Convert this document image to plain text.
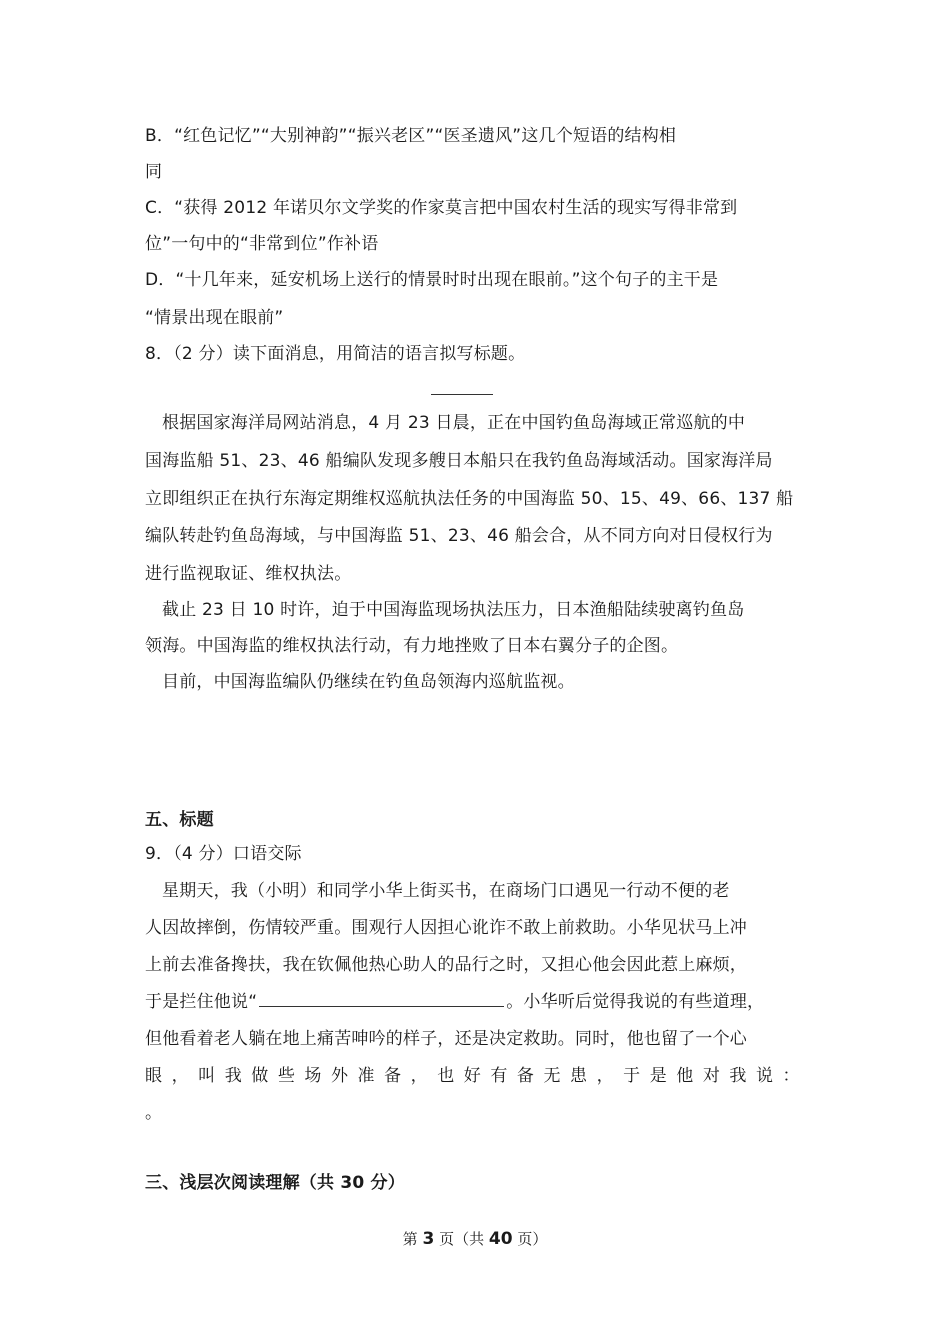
B．“红色记忆”“大别神韵”“振兴老区”“医圣遗风”这几个短语的结构相
同
C．“获得 2012 年诺贝尔文学奖的作家莫言把中国农村生活的现实写得非常到
位”一句中的“非常到位”作补语
D．“十几年来，延安机场上送行的情景时时出现在眼前。”这个句子的主干是
“情景出现在眼前”
8．（2 分）读下面消息，用简洁的语言拟写标题。
根据国家海洋局网站消息，4 月 23 日晨，正在中国钓鱼岛海域正常巡航的中
国海监船 51、23、46 船编队发现多艘日本船只在我钓鱼岛海域活动。国家海洋局
立即组织正在执行东海定期维权巡航执法任务的中国海监 50、15、49、66、137 船
编队转赴钓鱼岛海域，与中国海监 51、23、46 船会合，从不同方向对日侵权行为
进行监视取证、维权执法。
截止 23 日 10 时许，迫于中国海监现场执法压力，日本渔船陆续驶离钓鱼岛
领海。中国海监的维权执法行动，有力地挫败了日本右翼分子的企图。
目前，中国海监编队仍继续在钓鱼岛领海内巡航监视。
五、标题
9．（4 分）口语交际
星期天，我（小明）和同学小华上街买书，在商场门口遇见一行动不便的老
人因故摔倒，伤情较严重。围观行人因担心讹诈不敢上前救助。小华见状马上冲
上前去准备搀扶，我在钦佩他热心助人的品行之时，又担心他会因此惹上麻烦，
于是拦住他说“	。小华听后觉得我说的有些道理，
但他看着老人躺在地上痛苦呻吟的样子，还是决定救助。同时，他也留了一个心
眼 ， 叫 我 做 些 场 外 准 备 ， 也 好 有 备 无 患 ， 于 是 他 对 我 说 ：
。
三、浅层次阅读理解（共 30 分）
第 3 页（共 40 页）
